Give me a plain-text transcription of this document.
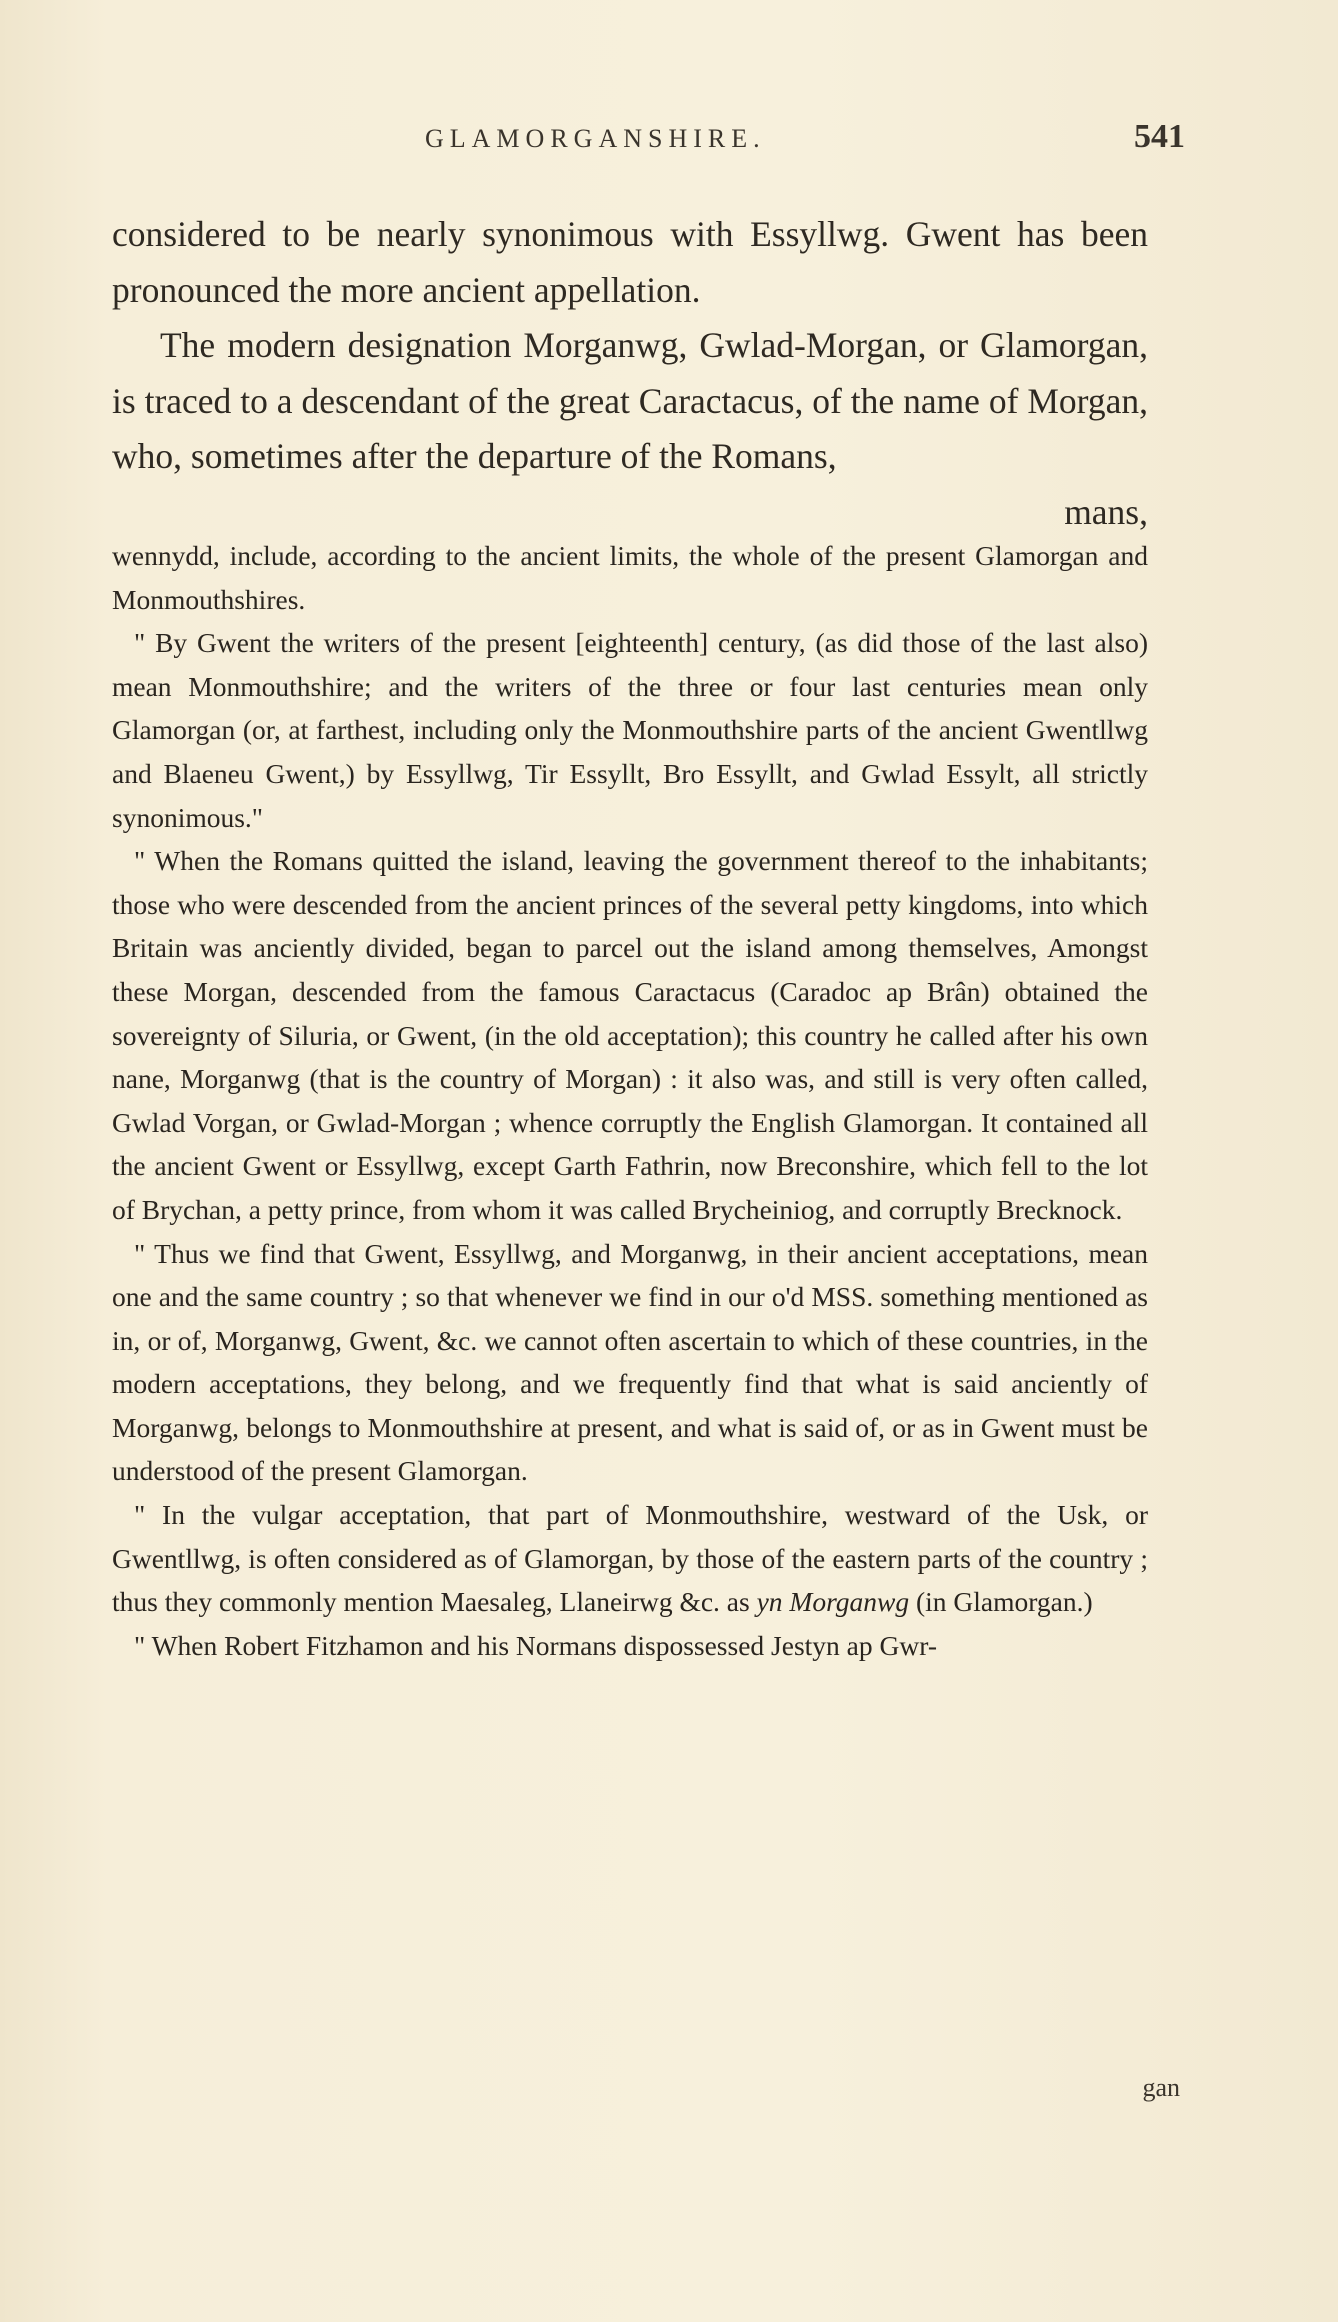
GLAMORGANSHIRE.	541

considered to be nearly synonimous with Essyllwg. Gwent has been pronounced the more ancient appellation.

The modern designation Morganwg, Gwlad-Morgan, or Glamorgan, is traced to a descendant of the great Caractacus, of the name of Morgan, who, sometimes after the departure of the Romans,

mans,

wennydd, include, according to the ancient limits, the whole of the present Glamorgan and Monmouthshires.

" By Gwent the writers of the present [eighteenth] century, (as did those of the last also) mean Monmouthshire; and the writers of the three or four last centuries mean only Glamorgan (or, at farthest, including only the Monmouthshire parts of the ancient Gwentllwg and Blaeneu Gwent,) by Essyllwg, Tir Essyllt, Bro Essyllt, and Gwlad Essylt, all strictly synonimous."

" When the Romans quitted the island, leaving the government thereof to the inhabitants; those who were descended from the ancient princes of the several petty kingdoms, into which Britain was anciently divided, began to parcel out the island among themselves, Amongst these Morgan, descended from the famous Caractacus (Caradoc ap Brân) obtained the sovereignty of Siluria, or Gwent, (in the old acceptation); this country he called after his own nane, Morganwg (that is the country of Morgan) : it also was, and still is very often called, Gwlad Vorgan, or Gwlad-Morgan ; whence corruptly the English Glamorgan. It contained all the ancient Gwent or Essyllwg, except Garth Fathrin, now Breconshire, which fell to the lot of Brychan, a petty prince, from whom it was called Brycheiniog, and corruptly Brecknock.

" Thus we find that Gwent, Essyllwg, and Morganwg, in their ancient acceptations, mean one and the same country ; so that whenever we find in our o'd MSS. something mentioned as in, or of, Morganwg, Gwent, &c. we cannot often ascertain to which of these countries, in the modern acceptations, they belong, and we frequently find that what is said anciently of Morganwg, belongs to Monmouthshire at present, and what is said of, or as in Gwent must be understood of the present Glamorgan.

" In the vulgar acceptation, that part of Monmouthshire, westward of the Usk, or Gwentllwg, is often considered as of Glamorgan, by those of the eastern parts of the country ; thus they commonly mention Maesaleg, Llaneirwg &c. as yn Morganwg (in Glamorgan.)

" When Robert Fitzhamon and his Normans dispossessed Jestyn ap Gwr-

gan
